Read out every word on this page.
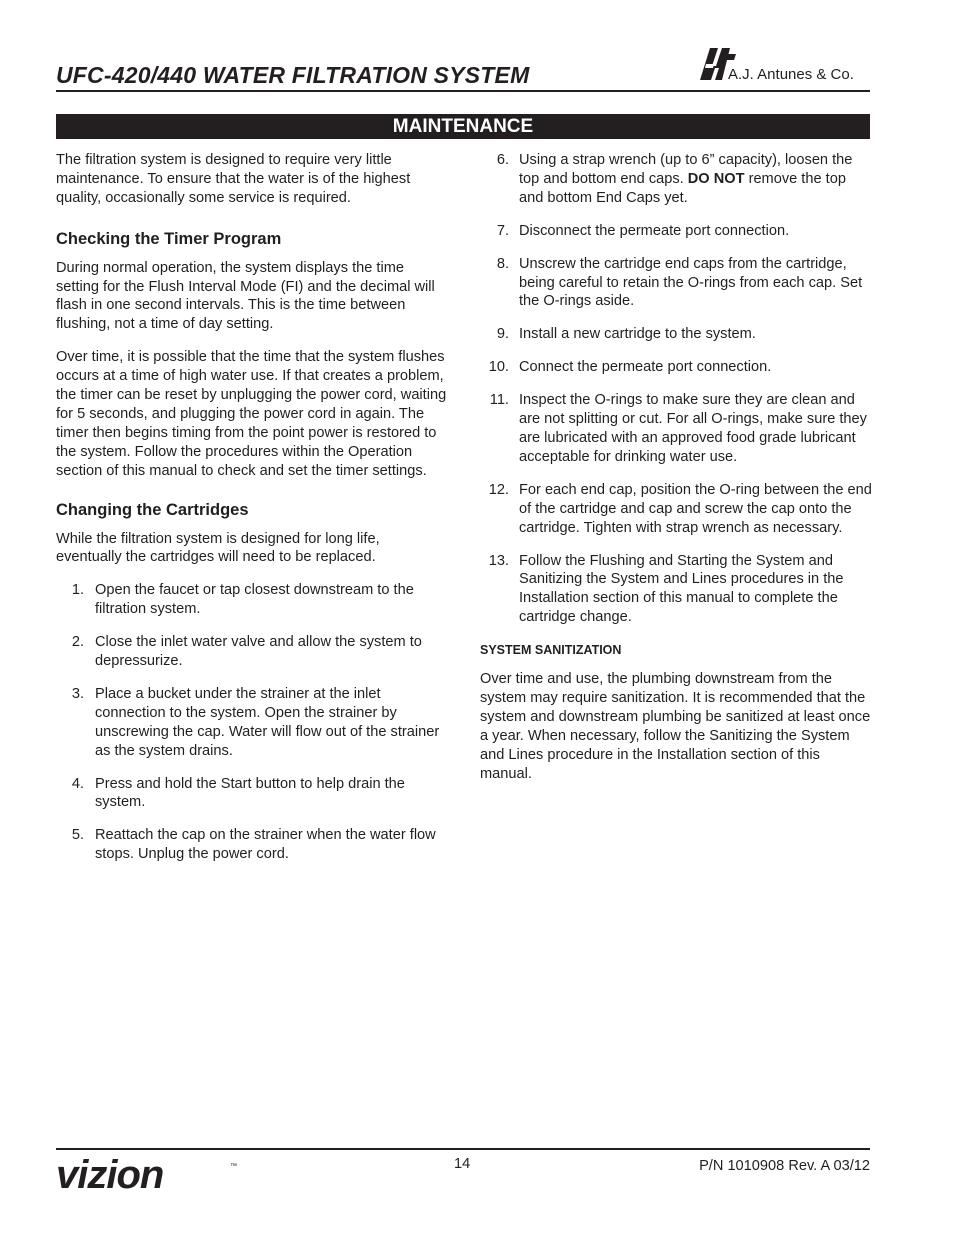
UFC-420/440 WATER FILTRATION SYSTEM	A.J. Antunes & Co.
MAINTENANCE

The filtration system is designed to require very little maintenance. To ensure that the water is of the highest quality, occasionally some service is required.

Checking the Timer Program

During normal operation, the system displays the time setting for the Flush Interval Mode (FI) and the decimal will flash in one second intervals. This is the time between flushing, not a time of day setting.

Over time, it is possible that the time that the system flushes occurs at a time of high water use. If that creates a problem, the timer can be reset by unplugging the power cord, waiting for 5 seconds, and plugging the power cord in again. The timer then begins timing from the point power is restored to the system. Follow the procedures within the Operation section of this manual to check and set the timer settings.

Changing the Cartridges

While the filtration system is designed for long life, eventually the cartridges will need to be replaced.

1. Open the faucet or tap closest downstream to the filtration system.
2. Close the inlet water valve and allow the system to depressurize.
3. Place a bucket under the strainer at the inlet connection to the system. Open the strainer by unscrewing the cap. Water will flow out of the strainer as the system drains.
4. Press and hold the Start button to help drain the system.
5. Reattach the cap on the strainer when the water flow stops. Unplug the power cord.
6. Using a strap wrench (up to 6” capacity), loosen the top and bottom end caps. DO NOT remove the top and bottom End Caps yet.
7. Disconnect the permeate port connection.
8. Unscrew the cartridge end caps from the cartridge, being careful to retain the O-rings from each cap. Set the O-rings aside.
9. Install a new cartridge to the system.
10. Connect the permeate port connection.
11. Inspect the O-rings to make sure they are clean and are not splitting or cut. For all O-rings, make sure they are lubricated with an approved food grade lubricant acceptable for drinking water use.
12. For each end cap, position the O-ring between the end of the cartridge and cap and screw the cap onto the cartridge. Tighten with strap wrench as necessary.
13. Follow the Flushing and Starting the System and Sanitizing the System and Lines procedures in the Installation section of this manual to complete the cartridge change.
SYSTEM SANITIZATION

Over time and use, the plumbing downstream from the system may require sanitization. It is recommended that the system and downstream plumbing be sanitized at least once a year. When necessary, follow the Sanitizing the System and Lines procedure in the Installation section of this manual.

vizion	™	14	P/N 1010908 Rev. A 03/12
